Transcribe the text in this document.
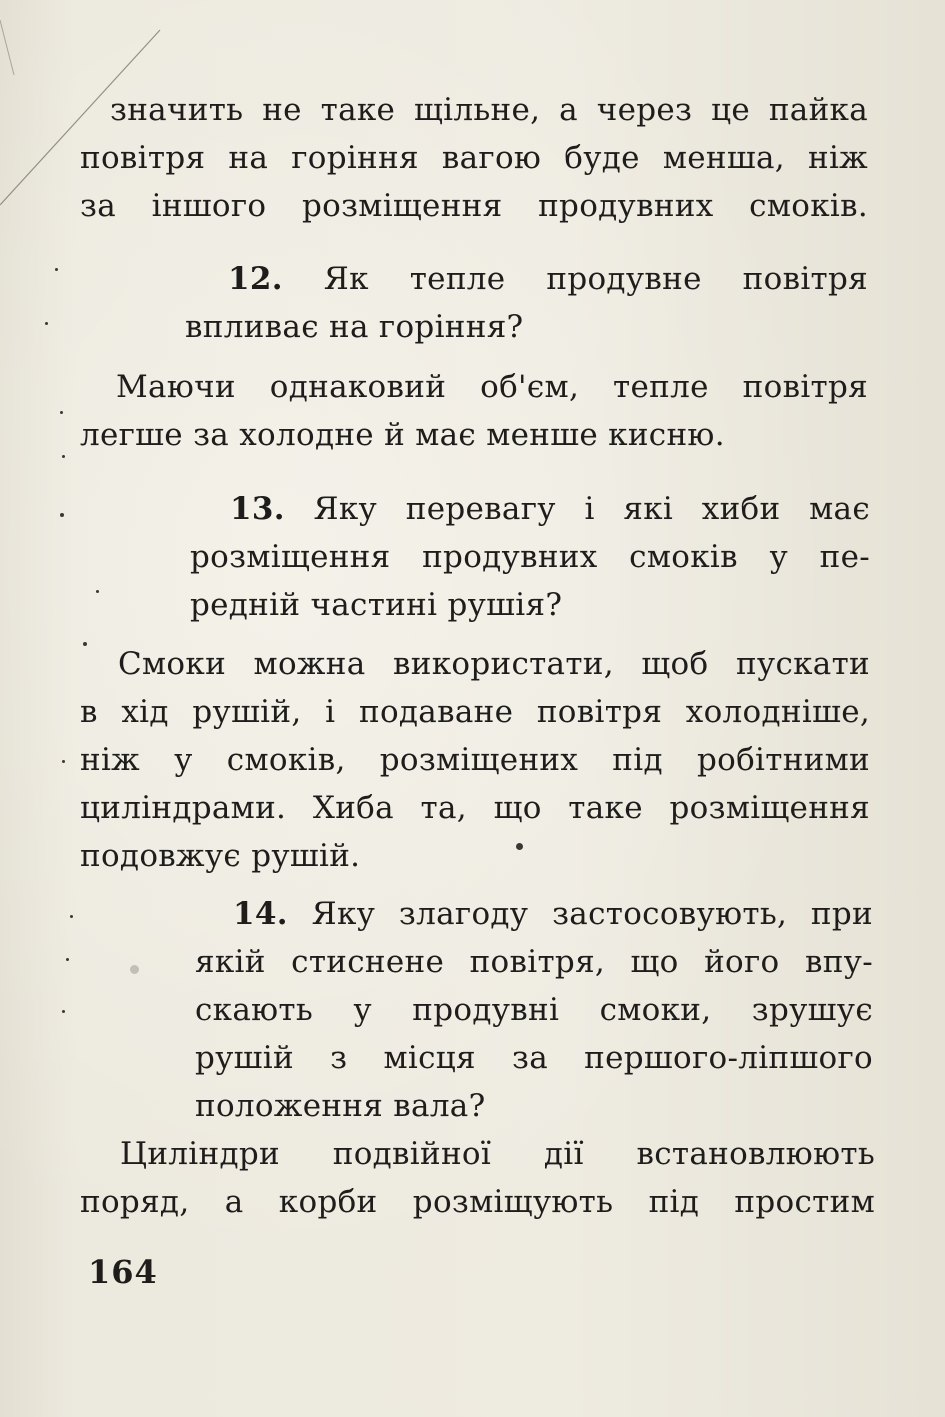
значить не таке щільне, а через це пайка
повітря на горіння вагою буде менша, ніж
за іншого розміщення продувних смоків.
12. Як тепле продувне повітря
впливає на горіння?
Маючи однаковий об'єм, тепле повітря
легше за холодне й має менше кисню.
13. Яку перевагу і які хиби має
розміщення продувних смоків у пе-
редній частині рушія?
Смоки можна використати, щоб пускати
в хід рушій, і подаване повітря холодніше,
ніж у смоків, розміщених під робітними
циліндрами. Хиба та, що таке розміщення
подовжує рушій.
14. Яку злагоду застосовують, при
якій стиснене повітря, що його впу-
скають у продувні смоки, зрушує
рушій з місця за першого-ліпшого
положення вала?
Циліндри подвійної дії встановлюють
поряд, а корби розміщують під простим
164
